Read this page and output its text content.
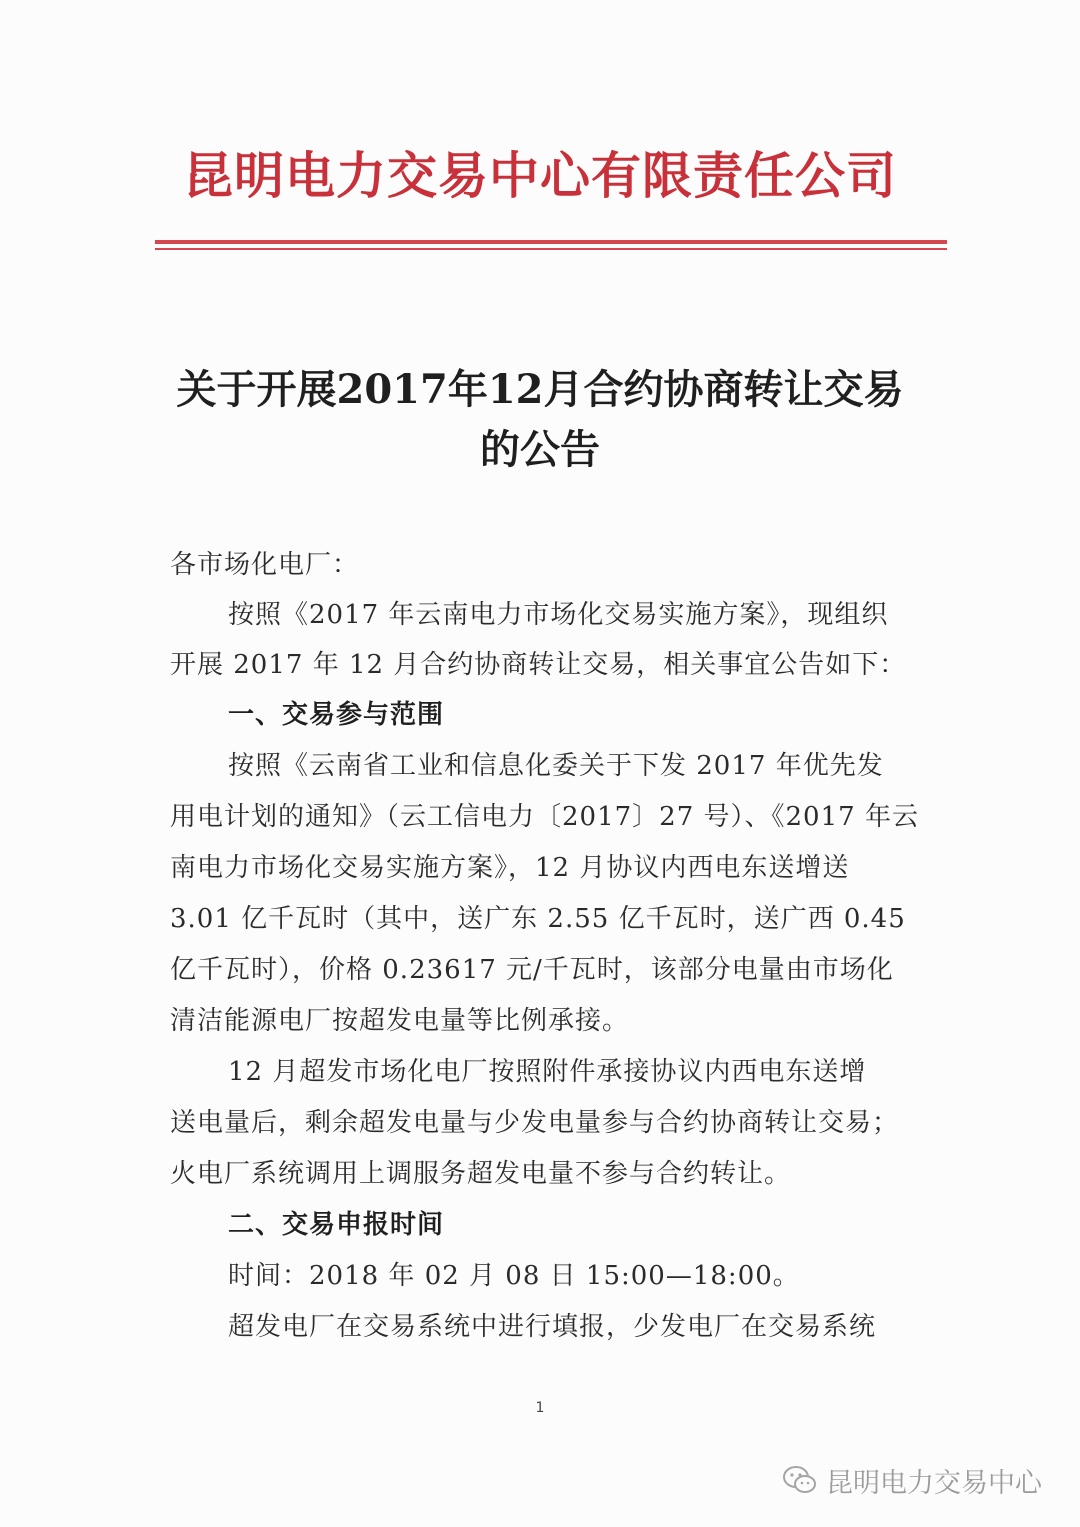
昆明电力交易中心有限责任公司
关于开展2017年12月合约协商转让交易
的公告
各市场化电厂：
按照《2017 年云南电力市场化交易实施方案》，现组织
开展 2017 年 12 月合约协商转让交易，相关事宜公告如下：
一、交易参与范围
按照《云南省工业和信息化委关于下发 2017 年优先发
用电计划的通知》（云工信电力〔2017〕27 号）、《2017 年云
南电力市场化交易实施方案》，12 月协议内西电东送增送
3.01 亿千瓦时（其中，送广东 2.55 亿千瓦时，送广西 0.45
亿千瓦时），价格 0.23617 元/千瓦时，该部分电量由市场化
清洁能源电厂按超发电量等比例承接。
12 月超发市场化电厂按照附件承接协议内西电东送增
送电量后，剩余超发电量与少发电量参与合约协商转让交易；
火电厂系统调用上调服务超发电量不参与合约转让。
二、交易申报时间
时间：2018 年 02 月 08 日 15:00—18:00。
超发电厂在交易系统中进行填报，少发电厂在交易系统
1
昆明电力交易中心
